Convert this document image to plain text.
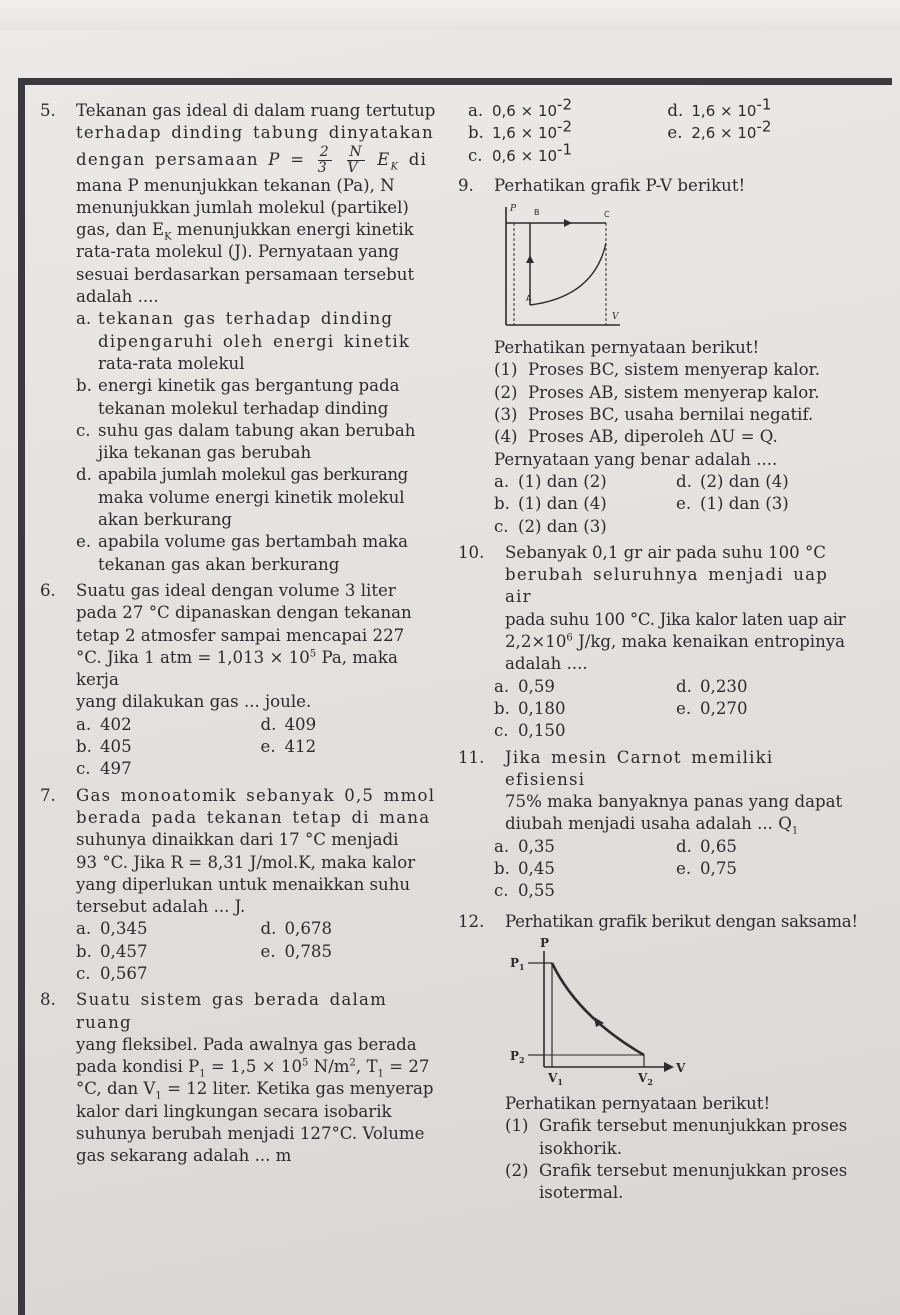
5. Tekanan gas ideal di dalam ruang tertutup
terhadap dinding tabung dinyatakan
dengan persamaan $P = \frac{2}{3}$
$\frac{N}{V} E_K$ di
mana P menunjukkan tekanan (Pa), N
menunjukkan jumlah molekul (partikel)
gas, dan $E_K$ menunjukkan energi kinetik
rata-rata molekul (J). Pernyataan yang
sesuai berdasarkan persamaan tersebut
adalah ....
a. tekanan gas terhadap dinding
dipengaruhi oleh energi kinetik
rata-rata molekul
b. energi kinetik gas bergantung pada
tekanan molekul terhadap dinding
c. suhu gas dalam tabung akan berubah
jika tekanan gas berubah
d. apabila jumlah molekul gas berkurang
maka volume energi kinetik molekul
akan berkurang
e. apabila volume gas bertambah maka
tekanan gas akan berkurang
6. Suatu gas ideal dengan volume 3 liter
pada 27 °C dipanaskan dengan tekanan
tetap 2 atmosfer sampai mencapai 227
°C. Jika 1 atm = $1,013 \times 10^5$ Pa, maka kerja
yang dilakukan gas ... joule.
a. 402	d. 409
b. 405	e. 412
c. 497
7. Gas monoatomik sebanyak 0,5 mmol
berada pada tekanan tetap di mana
suhunya dinaikkan dari 17 °C menjadi
93 °C. Jika R = 8,31 J/mol.K, maka kalor
yang diperlukan untuk menaikkan suhu
tersebut adalah ... J.
a. 0,345	d. 0,678
b. 0,457	e. 0,785
c. 0,567
8. Suatu sistem gas berada dalam ruang
yang fleksibel. Pada awalnya gas berada
pada kondisi $P_1 = 1,5 \times 10^5$ $N/m^2$, $T_1 = 27$
°C, dan $V_1 = 12$ liter. Ketika gas menyerap
kalor dari lingkungan secara isobarik
suhunya berubah menjadi 127°C. Volume
gas sekarang adalah ... m
a. $0,6 \times 10^{-2}$	d. $1,6 \times 10^{-1}$
b. $1,6 \times 10^{-2}$	e. $2,6 \times 10^{-2}$
c. $0,6 \times 10^{-1}$
9. Perhatikan grafik P-V berikut!
P
V
A
B	C
Perhatikan pernyataan berikut!
(1) Proses BC, sistem menyerap kalor.
(2) Proses AB, sistem menyerap kalor.
(3) Proses BC, usaha bernilai negatif.
(4) Proses AB, diperoleh ΔU = Q.
Pernyataan yang benar adalah ....
a. (1) dan (2)	d. (2) dan (4)
b. (1) dan (4)	e. (1) dan (3)
c. (2) dan (3)
10. Sebanyak 0,1 gr air pada suhu 100 °C
berubah seluruhnya menjadi uap air
pada suhu 100 °C. Jika kalor laten uap air
$2,2\times 10^6$ J/kg, maka kenaikan entropinya
adalah ....
a. 0,59	d. 0,230
b. 0,180	e. 0,270
c. 0,150
11. Jika mesin Carnot memiliki efisiensi
75% maka banyaknya panas yang dapat
diubah menjadi usaha adalah ... $Q_1$
a. 0,35	d. 0,65
b. 0,45	e. 0,75
c. 0,55
12. Perhatikan grafik berikut dengan saksama!
P
V
$P_1$
$P_2$
$V_1$	$V_2$
Perhatikan pernyataan berikut!
(1) Grafik tersebut menunjukkan proses
isokhorik.
(2) Grafik tersebut menunjukkan proses
isotermal.
